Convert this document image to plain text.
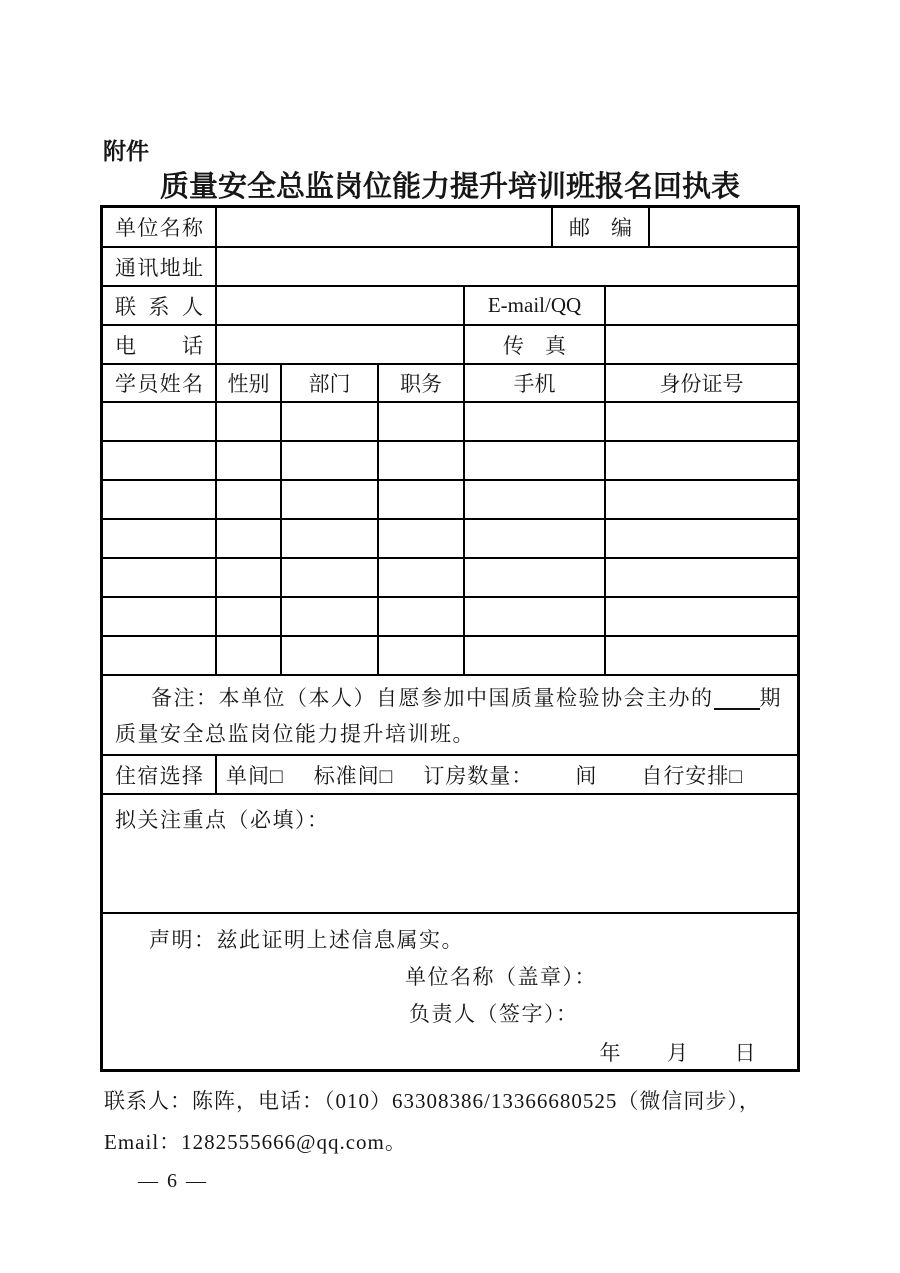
附件
质量安全总监岗位能力提升培训班报名回执表
单位名称	邮　编
通讯地址
联 系 人	E-mail/QQ
电　话	传　真
学员姓名	性别 部门 职务	手机	身份证号
备注：本单位（本人）自愿参加中国质量检验协会主办的 期
质量安全总监岗位能力提升培训班。
住宿选择	单间□ 标准间□ 订房数量： 间 自行安排□
拟关注重点（必填）：
声明：兹此证明上述信息属实。
单位名称（盖章）：
负责人（签字）：
年　　月　　日
联系人：陈阵，电话：（010）63308386/13366680525（微信同步），
Email：1282555666@qq.com。
— 6 —
